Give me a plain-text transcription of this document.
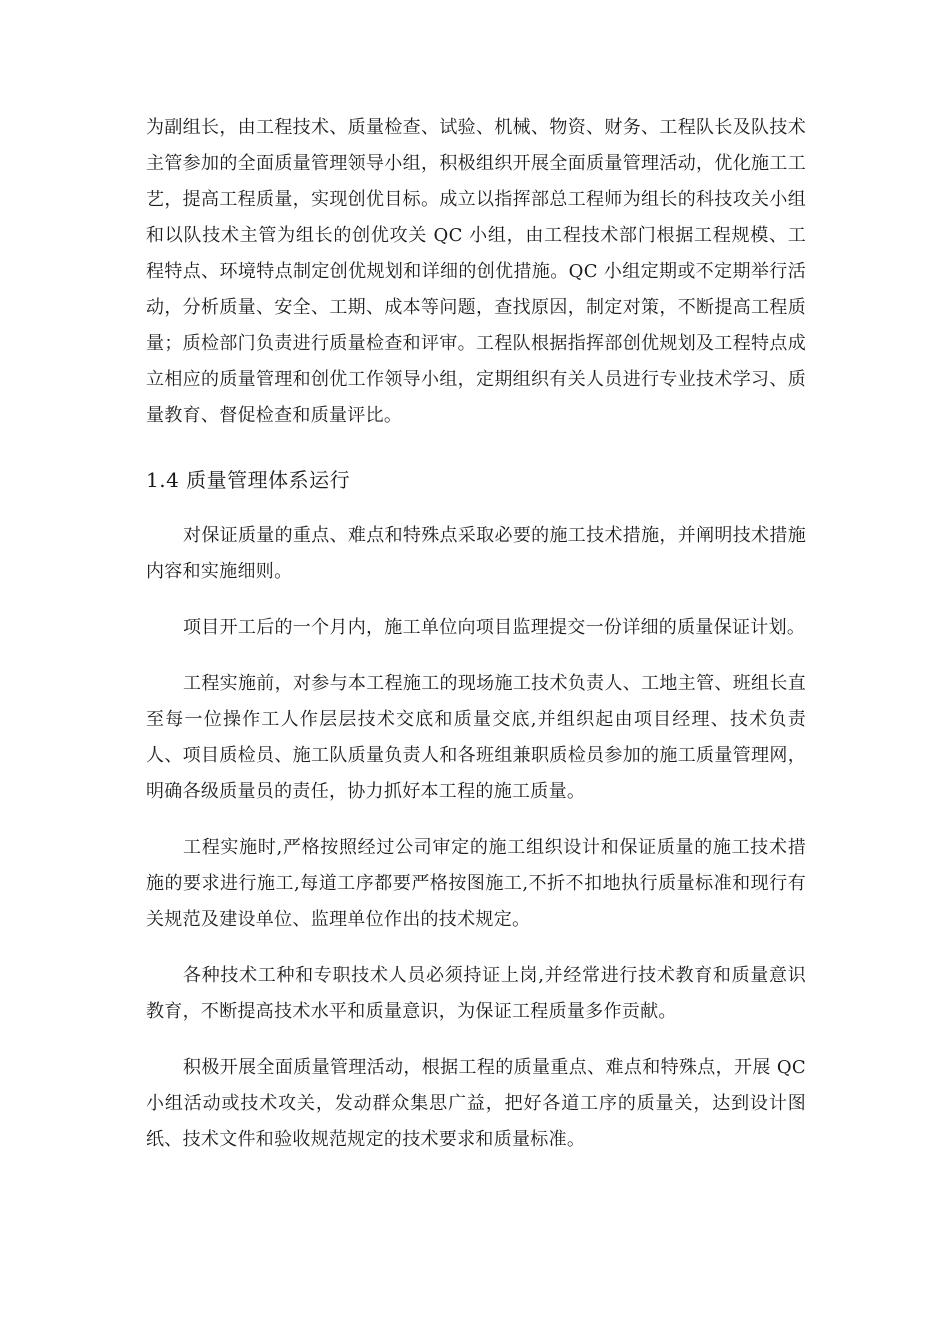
为副组长，由工程技术、质量检查、试验、机械、物资、财务、工程队长及队技术主管参加的全面质量管理领导小组，积极组织开展全面质量管理活动，优化施工工艺，提高工程质量，实现创优目标。成立以指挥部总工程师为组长的科技攻关小组和以队技术主管为组长的创优攻关 QC 小组，由工程技术部门根据工程规模、工程特点、环境特点制定创优规划和详细的创优措施。QC 小组定期或不定期举行活动，分析质量、安全、工期、成本等问题，查找原因，制定对策，不断提高工程质量；质检部门负责进行质量检查和评审。工程队根据指挥部创优规划及工程特点成立相应的质量管理和创优工作领导小组，定期组织有关人员进行专业技术学习、质量教育、督促检查和质量评比。

1.4 质量管理体系运行

对保证质量的重点、难点和特殊点采取必要的施工技术措施，并阐明技术措施内容和实施细则。

项目开工后的一个月内，施工单位向项目监理提交一份详细的质量保证计划。

工程实施前，对参与本工程施工的现场施工技术负责人、工地主管、班组长直至每一位操作工人作层层技术交底和质量交底,并组织起由项目经理、技术负责人、项目质检员、施工队质量负责人和各班组兼职质检员参加的施工质量管理网，明确各级质量员的责任，协力抓好本工程的施工质量。

工程实施时,严格按照经过公司审定的施工组织设计和保证质量的施工技术措施的要求进行施工,每道工序都要严格按图施工,不折不扣地执行质量标准和现行有关规范及建设单位、监理单位作出的技术规定。

各种技术工种和专职技术人员必须持证上岗,并经常进行技术教育和质量意识教育，不断提高技术水平和质量意识，为保证工程质量多作贡献。

积极开展全面质量管理活动，根据工程的质量重点、难点和特殊点，开展 QC 小组活动或技术攻关，发动群众集思广益，把好各道工序的质量关，达到设计图纸、技术文件和验收规范规定的技术要求和质量标准。
